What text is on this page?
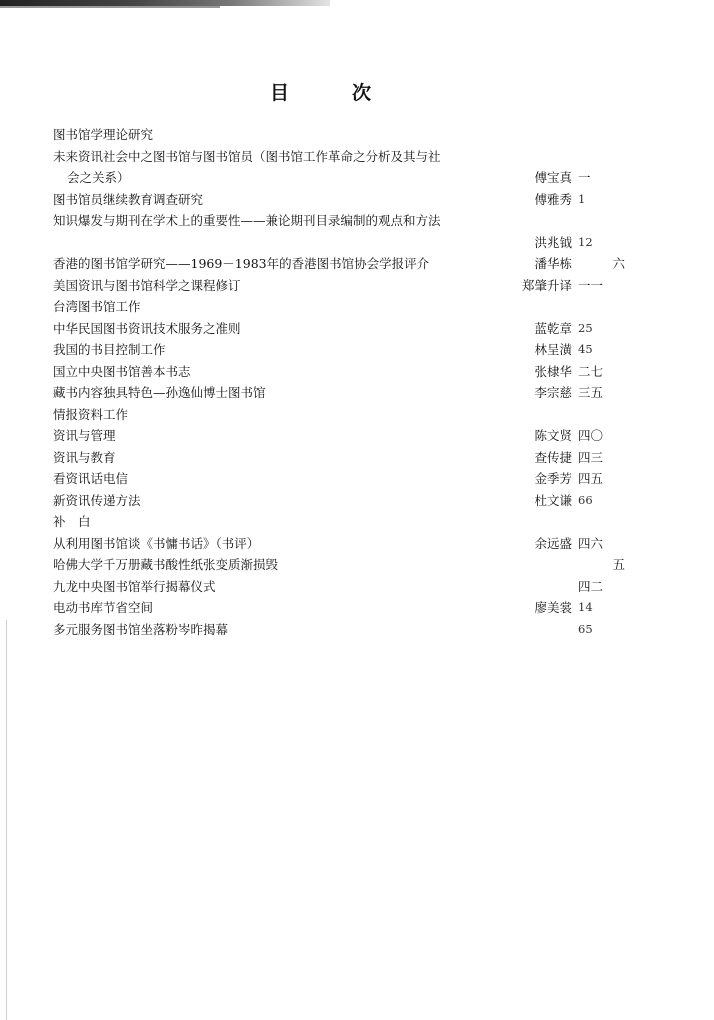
目	次
图书馆学理论研究
未来资讯社会中之图书馆与图书馆员（图书馆工作革命之分析及其与社
会之关系）	傅宝真 一
图书馆员继续教育调查研究	傅雅秀 1
知识爆发与期刊在学术上的重要性——兼论期刊目录编制的观点和方法
洪兆钺 12
香港的图书馆学研究——1969－1983年的香港图书馆协会学报评介	潘华栋	六
美国资讯与图书馆科学之课程修订	郑肇升译 一一
台湾图书馆工作
中华民国图书资讯技术服务之准则	蓝乾章 25
我国的书目控制工作	林呈潢 45
国立中央图书馆善本书志	张棣华 二七
藏书内容独具特色—孙逸仙博士图书馆	李宗慈 三五
情报资料工作
资讯与管理	陈文贤 四〇
资讯与教育	查传捷 四三
看资讯话电信	金季芳 四五
新资讯传递方法	杜文谦 66
补　白
从利用图书馆谈《书慵书话》（书评）	余远盛 四六
哈佛大学千万册藏书酸性纸张变质渐损毁	五
九龙中央图书馆举行揭幕仪式	四二
电动书库节省空间	廖美裳 14
多元服务图书馆坐落粉岑昨揭幕	65
